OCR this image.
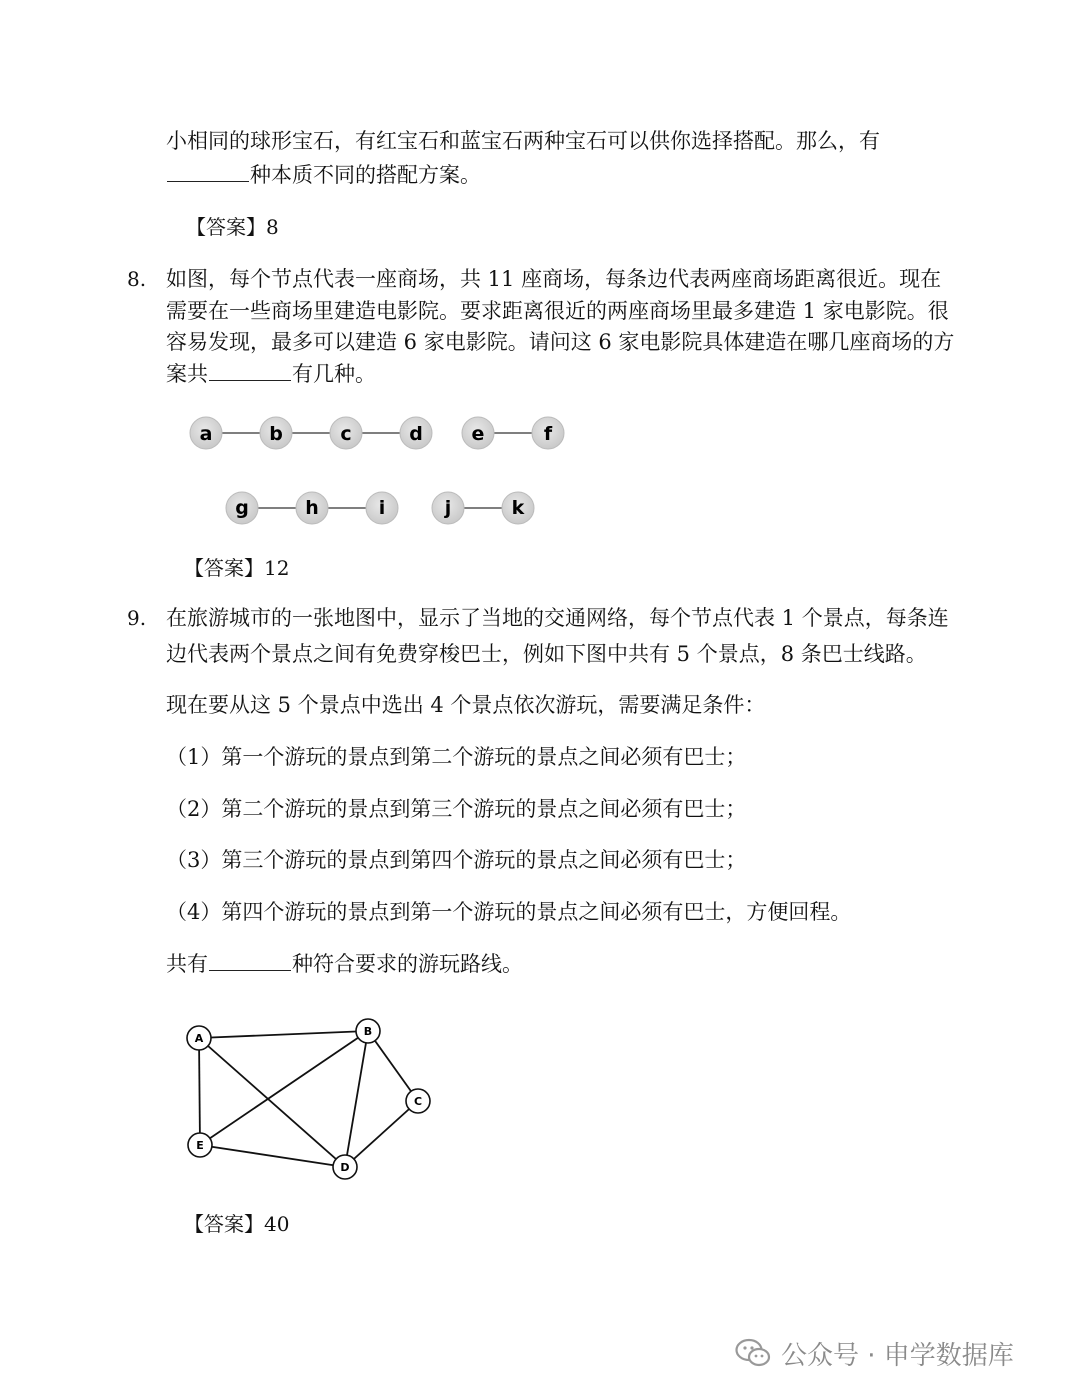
小相同的球形宝石，有红宝石和蓝宝石两种宝石可以供你选择搭配。那么，有
种本质不同的搭配方案。
【答案】8
8. 如图，每个节点代表一座商场，共 11 座商场，每条边代表两座商场距离很近。现在
需要在一些商场里建造电影院。要求距离很近的两座商场里最多建造 1 家电影院。很
容易发现，最多可以建造 6 家电影院。请问这 6 家电影院具体建造在哪几座商场的方
案共	有几种。
a	b	c	d	e	f
g	h	i	j	k
【答案】12
9. 在旅游城市的一张地图中，显示了当地的交通网络，每个节点代表 1 个景点，每条连
边代表两个景点之间有免费穿梭巴士，例如下图中共有 5 个景点，8 条巴士线路。
现在要从这 5 个景点中选出 4 个景点依次游玩，需要满足条件：
（1）第一个游玩的景点到第二个游玩的景点之间必须有巴士；
（2）第二个游玩的景点到第三个游玩的景点之间必须有巴士；
（3）第三个游玩的景点到第四个游玩的景点之间必须有巴士；
（4）第四个游玩的景点到第一个游玩的景点之间必须有巴士，方便回程。
共有	种符合要求的游玩路线。
A
B
C
D
E
【答案】40
公众号 · 申学数据库
